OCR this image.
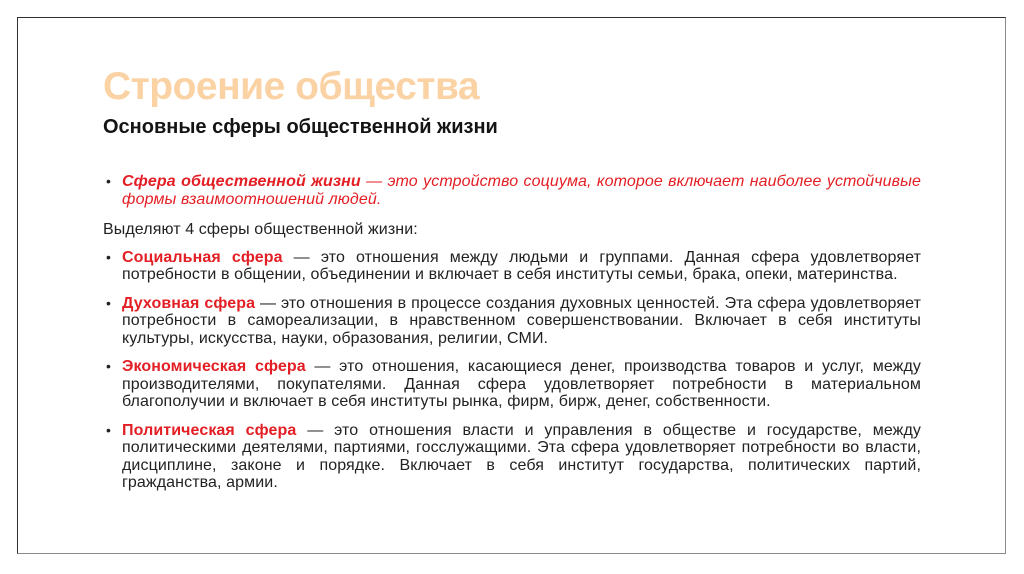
Строение общества
Основные сферы общественной жизни
• Сфера общественной жизни — это устройство социума, которое включает наиболее устойчивые формы взаимоотношений людей.
Выделяют 4 сферы общественной жизни:
• Социальная сфера — это отношения между людьми и группами. Данная сфера удовлетворяет потребности в общении, объединении и включает в себя институты семьи, брака, опеки, материнства.
• Духовная сфера — это отношения в процессе создания духовных ценностей. Эта сфера удовлетворяет потребности в самореализации, в нравственном совершенствовании. Включает в себя институты культуры, искусства, науки, образования, религии, СМИ.
• Экономическая сфера — это отношения, касающиеся денег, производства товаров и услуг, между производителями, покупателями. Данная сфера удовлетворяет потребности в материальном благополучии и включает в себя институты рынка, фирм, бирж, денег, собственности.
• Политическая сфера — это отношения власти и управления в обществе и государстве, между политическими деятелями, партиями, госслужащими. Эта сфера удовлетворяет потребности во власти, дисциплине, законе и порядке. Включает в себя институт государства, политических партий, гражданства, армии.
